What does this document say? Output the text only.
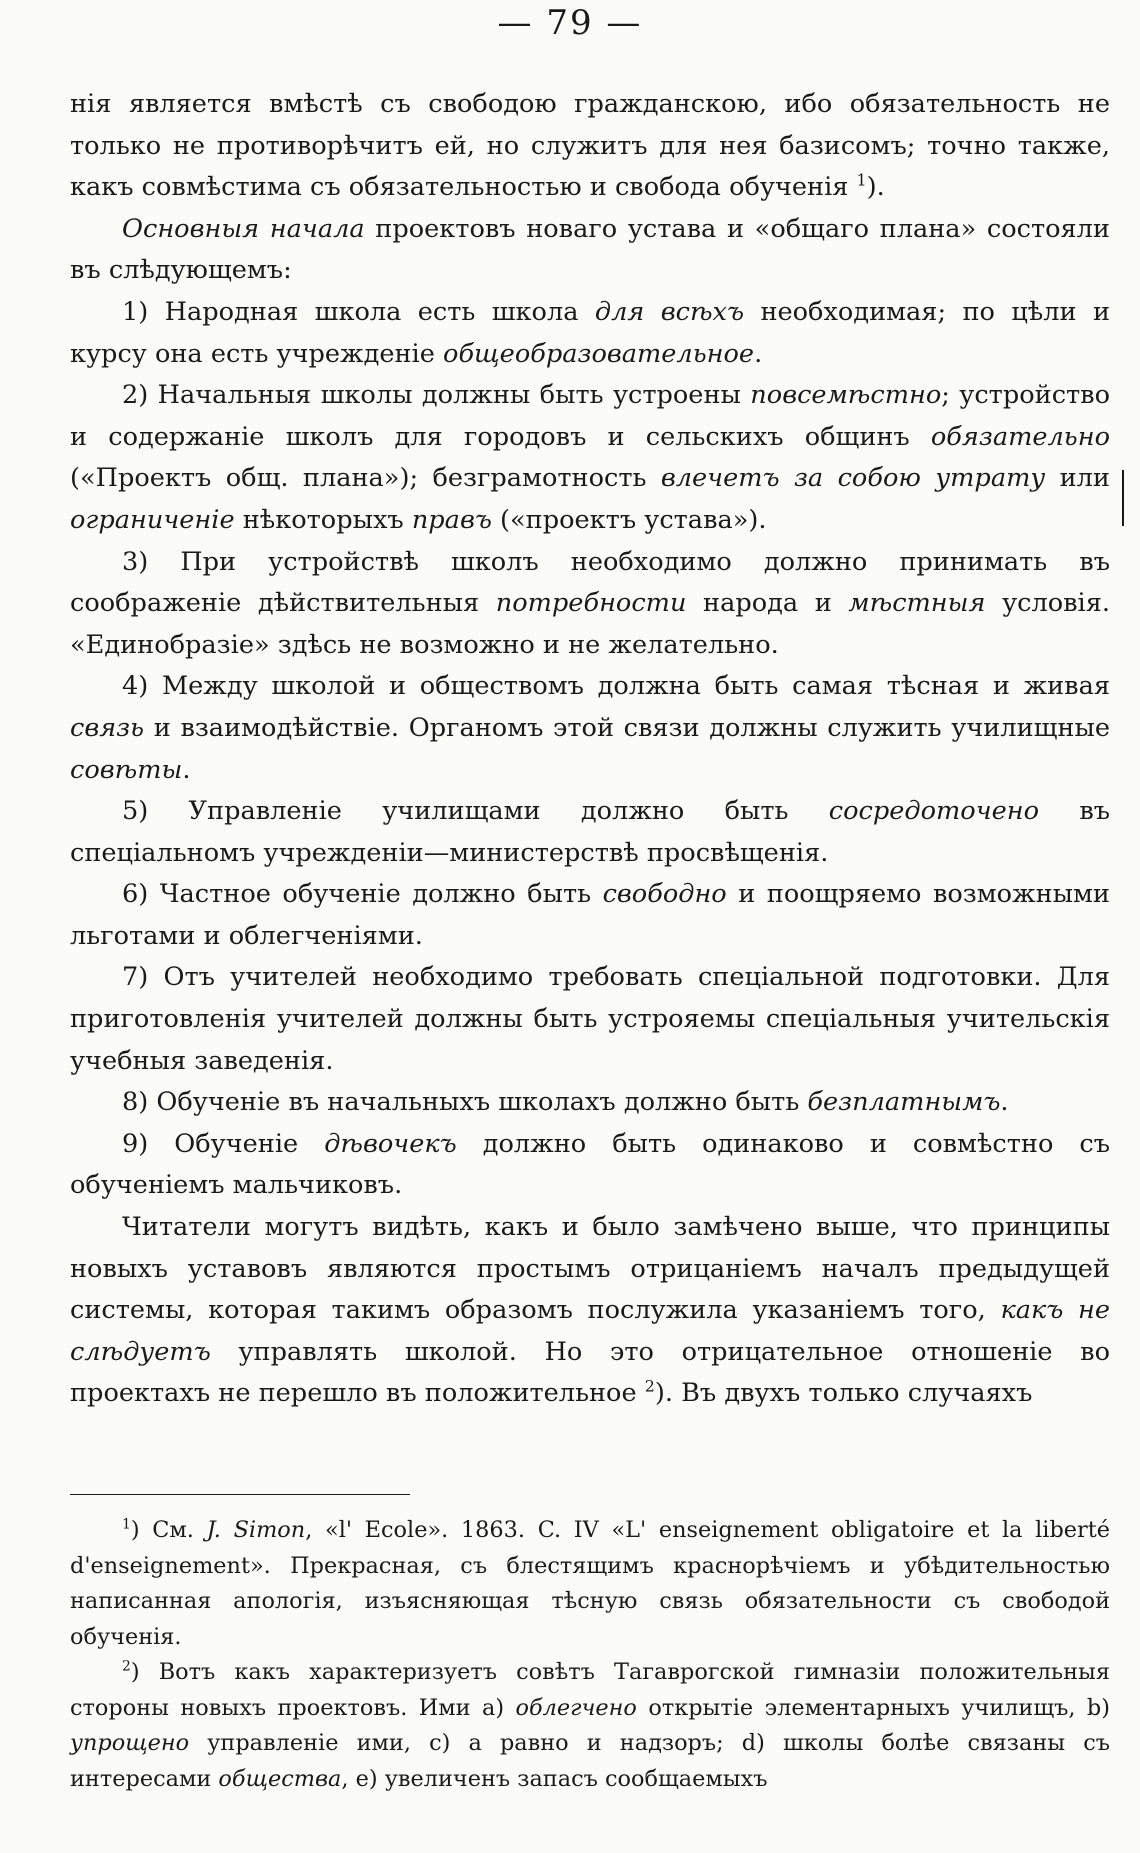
— 79 —

нія является вмѣстѣ съ свободою гражданскою, ибо обязательность не только не противорѣчитъ ей, но служитъ для нея базисомъ; точно также, какъ совмѣстима съ обязательностью и свобода обученія $^1$).

Основныя начала проектовъ новаго устава и «общаго плана» состояли въ слѣдующемъ:

1) Народная школа есть школа для всѣхъ необходимая; по цѣли и курсу она есть учрежденіе общеобразовательное.

2) Начальныя школы должны быть устроены повсемѣстно; устройство и содержаніе школъ для городовъ и сельскихъ общинъ обязательно («Проектъ общ. плана»); безграмотность влечетъ за собою утрату или ограниченіе нѣкоторыхъ правъ («проектъ устава»).

3) При устройствѣ школъ необходимо должно принимать въ соображеніе дѣйствительныя потребности народа и мѣстныя условія. «Единобразіе» здѣсь не возможно и не желательно.

4) Между школой и обществомъ должна быть самая тѣсная и живая связь и взаимодѣйствіе. Органомъ этой связи должны служить училищные совѣты.

5) Управленіе училищами должно быть сосредоточено въ спеціальномъ учрежденіи—министерствѣ просвѣщенія.

6) Частное обученіе должно быть свободно и поощряемо возможными льготами и облегченіями.

7) Отъ учителей необходимо требовать спеціальной подготовки. Для приготовленія учителей должны быть устрояемы спеціальныя учительскія учебныя заведенія.

8) Обученіе въ начальныхъ школахъ должно быть безплатнымъ.

9) Обученіе дѣвочекъ должно быть одинаково и совмѣстно съ обученіемъ мальчиковъ.

Читатели могутъ видѣть, какъ и было замѣчено выше, что принципы новыхъ уставовъ являются простымъ отрицаніемъ началъ предыдущей системы, которая такимъ образомъ послужила указаніемъ того, какъ не слѣдуетъ управлять школой. Но это отрицательное отношеніе во проектахъ не перешло въ положительное $^2$). Въ двухъ только случаяхъ

$^1$) См. J. Simon, «l' Ecole». 1863. C. IV «L' enseignement obligatoire et la liberté d'enseignement». Прекрасная, съ блестящимъ краснорѣчіемъ и убѣдительностью написанная апологія, изъясняющая тѣсную связь обязательности съ свободой обученія.

$^2$) Вотъ какъ характеризуетъ совѣтъ Тагаврогской гимназіи положительныя стороны новыхъ проектовъ. Ими а) облегчено открытіе элементарныхъ училищъ, b) упрощено управленіе ими, c) а равно и надзоръ; d) школы болѣе связаны съ интересами общества, e) увеличенъ запасъ сообщаемыхъ
